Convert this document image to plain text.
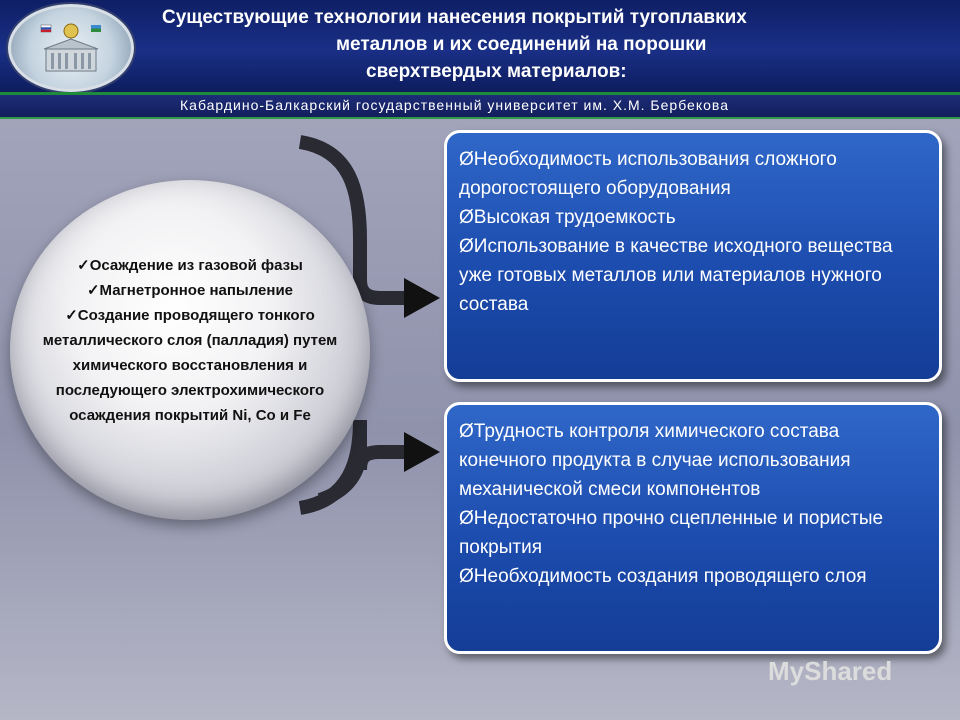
Существующие технологии нанесения покрытий тугоплавких
металлов и их соединений на порошки
сверхтвердых материалов:
Кабардино-Балкарский государственный университет им. Х.М. Бербекова
✓Осаждение из газовой фазы
✓Магнетронное напыление
✓Создание проводящего тонкого металлического слоя (палладия) путем химического восстановления и последующего электрохимического осаждения покрытий Ni, Co и Fe

ØНеобходимость использования сложного дорогостоящего оборудования

ØВысокая трудоемкость

ØИспользование в качестве исходного вещества уже готовых металлов или материалов нужного состава

ØТрудность контроля химического состава конечного продукта в случае использования механической смеси компонентов

ØНедостаточно прочно сцепленные и пористые покрытия

ØНеобходимость создания проводящего слоя

MyShared
